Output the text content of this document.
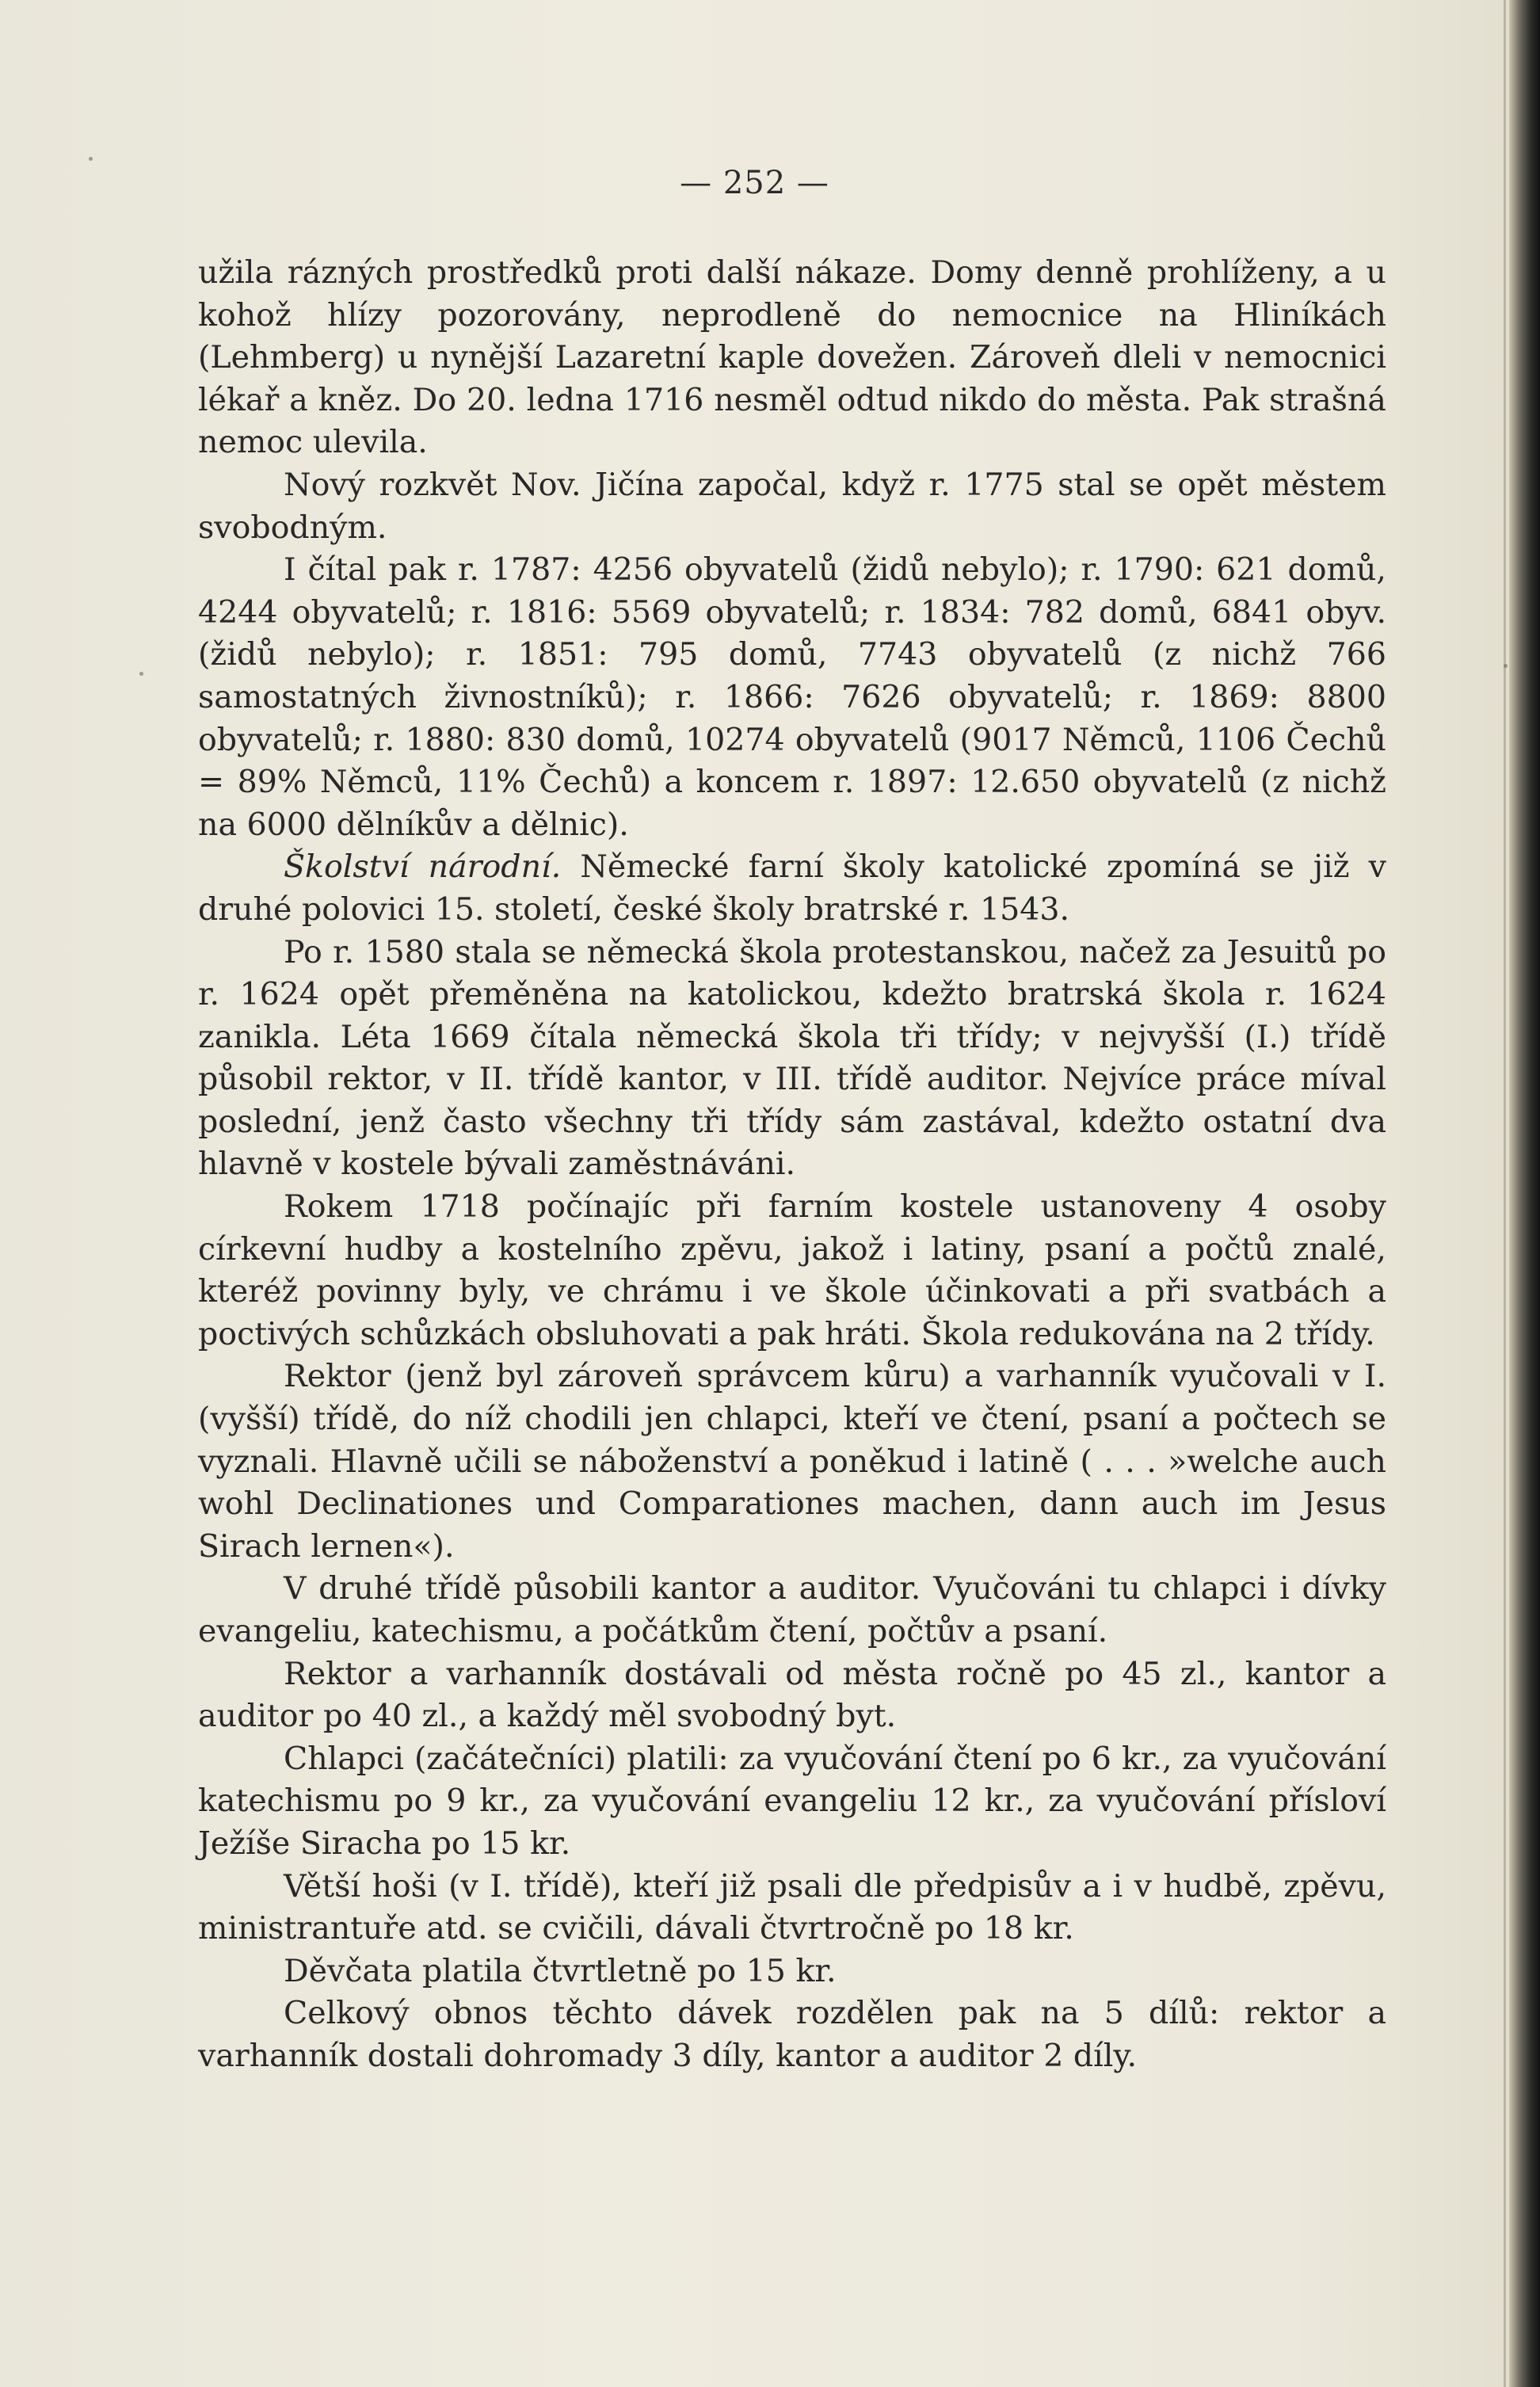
— 252 —

užila rázných prostředků proti další nákaze. Domy denně prohlíženy, a u kohož hlízy pozorovány, neprodleně do nemocnice na Hliníkách (Lehmberg) u nynější Lazaretní kaple dovežen. Zároveň dleli v nemocnici lékař a kněz. Do 20. ledna 1716 nesměl odtud nikdo do města. Pak strašná nemoc ulevila.

Nový rozkvět Nov. Jičína započal, když r. 1775 stal se opět městem svobodným.

I čítal pak r. 1787: 4256 obyvatelů (židů nebylo); r. 1790: 621 domů, 4244 obyvatelů; r. 1816: 5569 obyvatelů; r. 1834: 782 domů, 6841 obyv. (židů nebylo); r. 1851: 795 domů, 7743 obyvatelů (z nichž 766 samostatných živnostníků); r. 1866: 7626 obyvatelů; r. 1869: 8800 obyvatelů; r. 1880: 830 domů, 10274 obyvatelů (9017 Němců, 1106 Čechů = 89% Němců, 11% Čechů) a koncem r. 1897: 12.650 obyvatelů (z nichž na 6000 dělníkův a dělnic).

Školství národní. Německé farní školy katolické zpomíná se již v druhé polovici 15. století, české školy bratrské r. 1543.

Po r. 1580 stala se německá škola protestanskou, načež za Jesuitů po r. 1624 opět přeměněna na katolickou, kdežto bratrská škola r. 1624 zanikla. Léta 1669 čítala německá škola tři třídy; v nejvyšší (I.) třídě působil rektor, v II. třídě kantor, v III. třídě auditor. Nejvíce práce míval poslední, jenž často všechny tři třídy sám zastával, kdežto ostatní dva hlavně v kostele bývali zaměstnáváni.

Rokem 1718 počínajíc při farním kostele ustanoveny 4 osoby církevní hudby a kostelního zpěvu, jakož i latiny, psaní a počtů znalé, kteréž povinny byly, ve chrámu i ve škole účinkovati a při svatbách a poctivých schůzkách obsluhovati a pak hráti. Škola redukována na 2 třídy.

Rektor (jenž byl zároveň správcem kůru) a varhanník vyučovali v I. (vyšší) třídě, do níž chodili jen chlapci, kteří ve čtení, psaní a počtech se vyznali. Hlavně učili se náboženství a poněkud i latině ( . . . »welche auch wohl Declinationes und Comparationes machen, dann auch im Jesus Sirach lernen«).

V druhé třídě působili kantor a auditor. Vyučováni tu chlapci i dívky evangeliu, katechismu, a počátkům čtení, počtův a psaní.

Rektor a varhanník dostávali od města ročně po 45 zl., kantor a auditor po 40 zl., a každý měl svobodný byt.

Chlapci (začátečníci) platili: za vyučování čtení po 6 kr., za vyučování katechismu po 9 kr., za vyučování evangeliu 12 kr., za vyučování přísloví Ježíše Siracha po 15 kr.

Větší hoši (v I. třídě), kteří již psali dle předpisův a i v hudbě, zpěvu, ministrantuře atd. se cvičili, dávali čtvrtročně po 18 kr.

Děvčata platila čtvrtletně po 15 kr.

Celkový obnos těchto dávek rozdělen pak na 5 dílů: rektor a varhanník dostali dohromady 3 díly, kantor a auditor 2 díly.
